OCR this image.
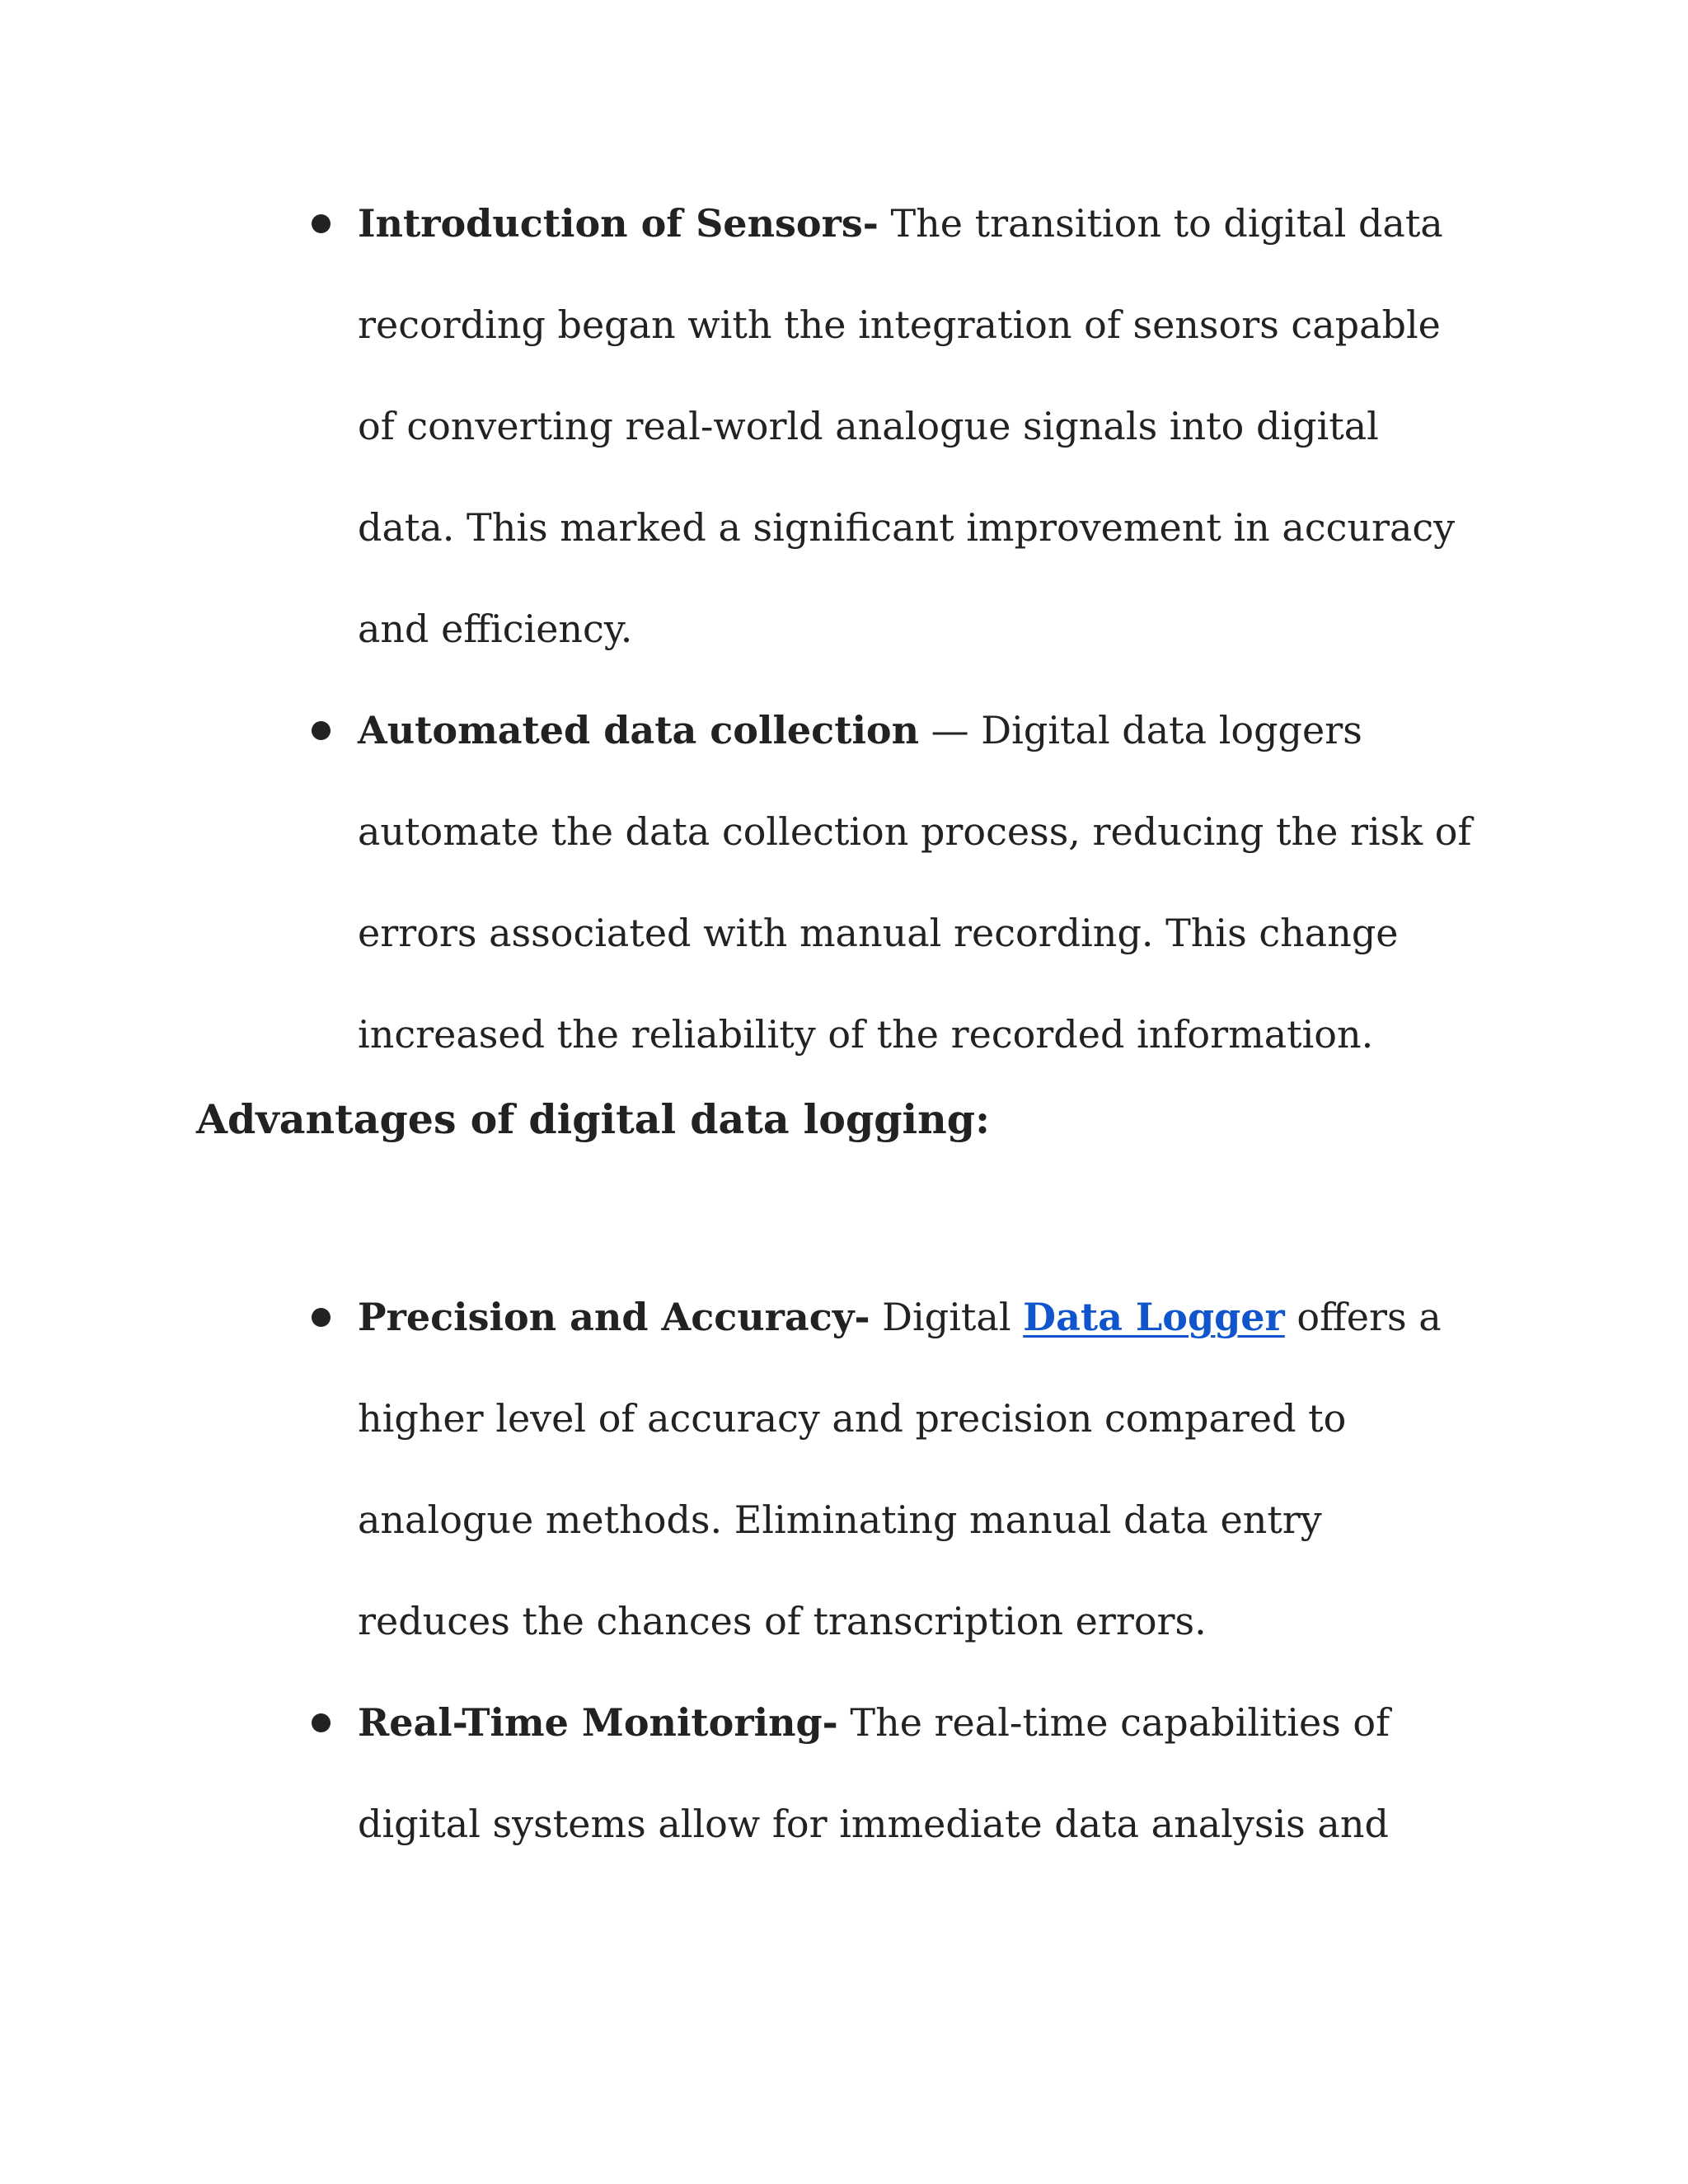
Introduction of Sensors- The transition to digital data recording began with the integration of sensors capable of converting real-world analogue signals into digital data. This marked a significant improvement in accuracy and efficiency.
Automated data collection — Digital data loggers automate the data collection process, reducing the risk of errors associated with manual recording. This change increased the reliability of the recorded information.
Advantages of digital data logging:
Precision and Accuracy- Digital Data Logger offers a higher level of accuracy and precision compared to analogue methods. Eliminating manual data entry reduces the chances of transcription errors.
Real-Time Monitoring- The real-time capabilities of digital systems allow for immediate data analysis and
